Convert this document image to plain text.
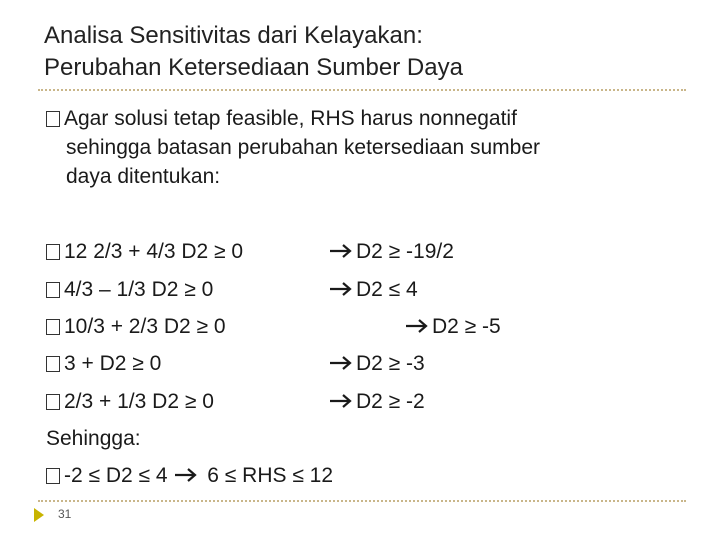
Analisa Sensitivitas dari Kelayakan:
Perubahan Ketersediaan Sumber Daya
Agar solusi tetap feasible, RHS harus nonnegatif
sehingga batasan perubahan ketersediaan sumber
daya ditentukan:
12 2/3 + 4/3 D2 ≥ 0	D2 ≥ -19/2
4/3 – 1/3 D2 ≥ 0	D2 ≤ 4
10/3 + 2/3 D2 ≥ 0	D2 ≥ -5
3 + D2 ≥ 0	D2 ≥ -3
2/3 + 1/3 D2 ≥ 0	D2 ≥ -2
Sehingga:
-2 ≤ D2 ≤ 4 6 ≤ RHS ≤ 12
31
